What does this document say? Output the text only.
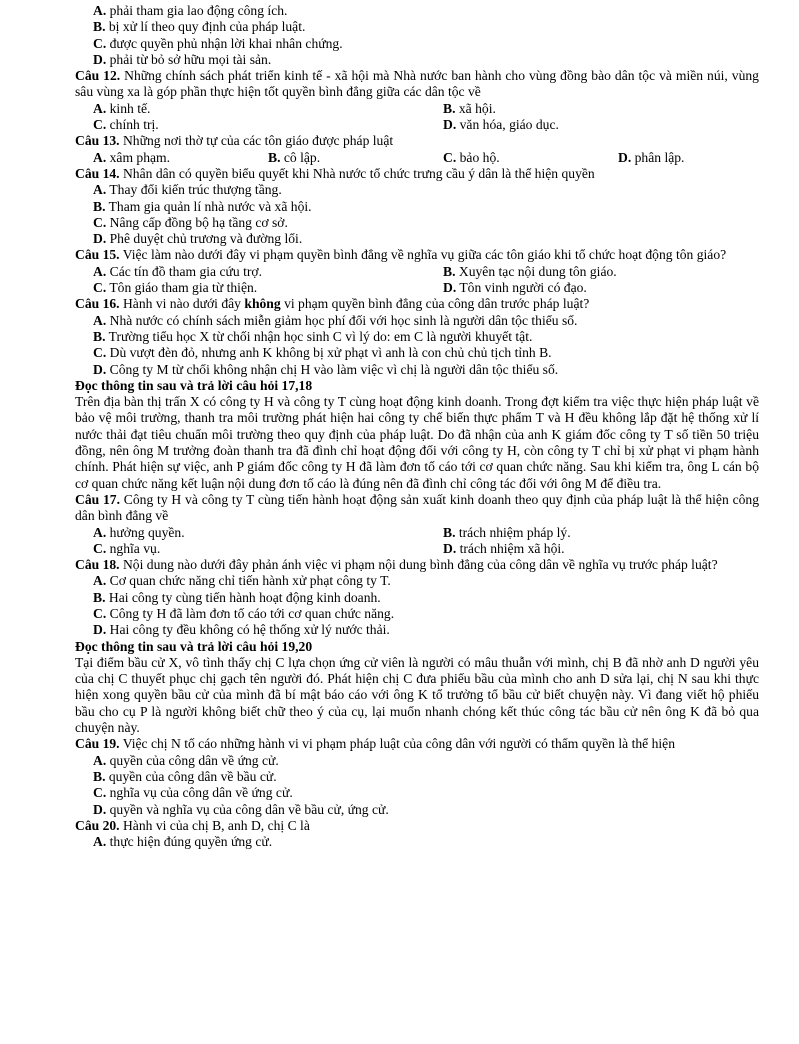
A. phải tham gia lao động công ích.
B. bị xử lí theo quy định của pháp luật.
C. được quyền phủ nhận lời khai nhân chứng.
D. phải từ bỏ sở hữu mọi tài sản.
Câu 12. Những chính sách phát triển kinh tế - xã hội mà Nhà nước ban hành cho vùng đồng bào dân tộc và miền núi, vùng sâu vùng xa là góp phần thực hiện tốt quyền bình đẳng giữa các dân tộc về
A. kinh tế.	B. xã hội.
C. chính trị.	D. văn hóa, giáo dục.
Câu 13. Những nơi thờ tự của các tôn giáo được pháp luật
A. xâm phạm.	B. cô lập.	C. bảo hộ.	D. phân lập.
Câu 14. Nhân dân có quyền biểu quyết khi Nhà nước tổ chức trưng cầu ý dân là thể hiện quyền
A. Thay đổi kiến trúc thượng tầng.
B. Tham gia quản lí nhà nước và xã hội.
C. Nâng cấp đồng bộ hạ tầng cơ sở.
D. Phê duyệt chủ trương và đường lối.
Câu 15. Việc làm nào dưới đây vi phạm quyền bình đẳng về nghĩa vụ giữa các tôn giáo khi tổ chức hoạt động tôn giáo?
A. Các tín đồ tham gia cứu trợ.	B. Xuyên tạc nội dung tôn giáo.
C. Tôn giáo tham gia từ thiện.	D. Tôn vinh người có đạo.
Câu 16. Hành vi nào dưới đây không vi phạm quyền bình đẳng của công dân trước pháp luật?
A. Nhà nước có chính sách miễn giảm học phí đối với học sinh là người dân tộc thiểu số.
B. Trường tiểu học X từ chối nhận học sinh C vì lý do: em C là người khuyết tật.
C. Dù vượt đèn đỏ, nhưng anh K không bị xử phạt vì anh là con chủ chủ tịch tỉnh B.
D. Công ty M từ chối không nhận chị H vào làm việc vì chị là người dân tộc thiểu số.
Đọc thông tin sau và trả lời câu hỏi 17,18
Trên địa bàn thị trấn X có công ty H và công ty T cùng hoạt động kinh doanh. Trong đợt kiểm tra việc thực hiện pháp luật về bảo vệ môi trường, thanh tra môi trường phát hiện hai công ty chế biến thực phẩm T và H đều không lắp đặt hệ thống xử lí nước thải đạt tiêu chuẩn môi trường theo quy định của pháp luật. Do đã nhận của anh K giám đốc công ty T số tiền 50 triệu đồng, nên ông M trưởng đoàn thanh tra đã đình chỉ hoạt động đối với công ty H, còn công ty T chỉ bị xử phạt vi phạm hành chính. Phát hiện sự việc, anh P giám đốc công ty H đã làm đơn tố cáo tới cơ quan chức năng. Sau khi kiểm tra, ông L cán bộ cơ quan chức năng kết luận nội dung đơn tố cáo là đúng nên đã đình chỉ công tác đối với ông M để điều tra.
Câu 17. Công ty H và công ty T cùng tiến hành hoạt động sản xuất kinh doanh theo quy định của pháp luật là thể hiện công dân bình đẳng về
A. hưởng quyền.	B. trách nhiệm pháp lý.
C. nghĩa vụ.	D. trách nhiệm xã hội.
Câu 18. Nội dung nào dưới đây phản ánh việc vi phạm nội dung bình đẳng của công dân về nghĩa vụ trước pháp luật?
A. Cơ quan chức năng chỉ tiến hành xử phạt công ty T.
B. Hai công ty cùng tiến hành hoạt động kinh doanh.
C. Công ty H đã làm đơn tố cáo tới cơ quan chức năng.
D. Hai công ty đều không có hệ thống xử lý nước thải.
Đọc thông tin sau và trả lời câu hỏi 19,20
Tại điểm bầu cử X, vô tình thấy chị C lựa chọn ứng cử viên là người có mâu thuẫn với mình, chị B đã nhờ anh D người yêu của chị C thuyết phục chị gạch tên người đó. Phát hiện chị C đưa phiếu bầu của mình cho anh D sửa lại, chị N sau khi thực hiện xong quyền bầu cử của mình đã bí mật báo cáo với ông K tổ trưởng tổ bầu cử biết chuyện này. Vì đang viết hộ phiếu bầu cho cụ P là người không biết chữ theo ý của cụ, lại muốn nhanh chóng kết thúc công tác bầu cử nên ông K đã bỏ qua chuyện này.
Câu 19. Việc chị N tố cáo những hành vi vi phạm pháp luật của công dân với người có thẩm quyền là thể hiện
A. quyền của công dân về ứng cử.
B. quyền của công dân về bầu cử.
C. nghĩa vụ của công dân về ứng cử.
D. quyền và nghĩa vụ của công dân về bầu cử, ứng cử.
Câu 20. Hành vi của chị B, anh D, chị C là
A. thực hiện đúng quyền ứng cử.
